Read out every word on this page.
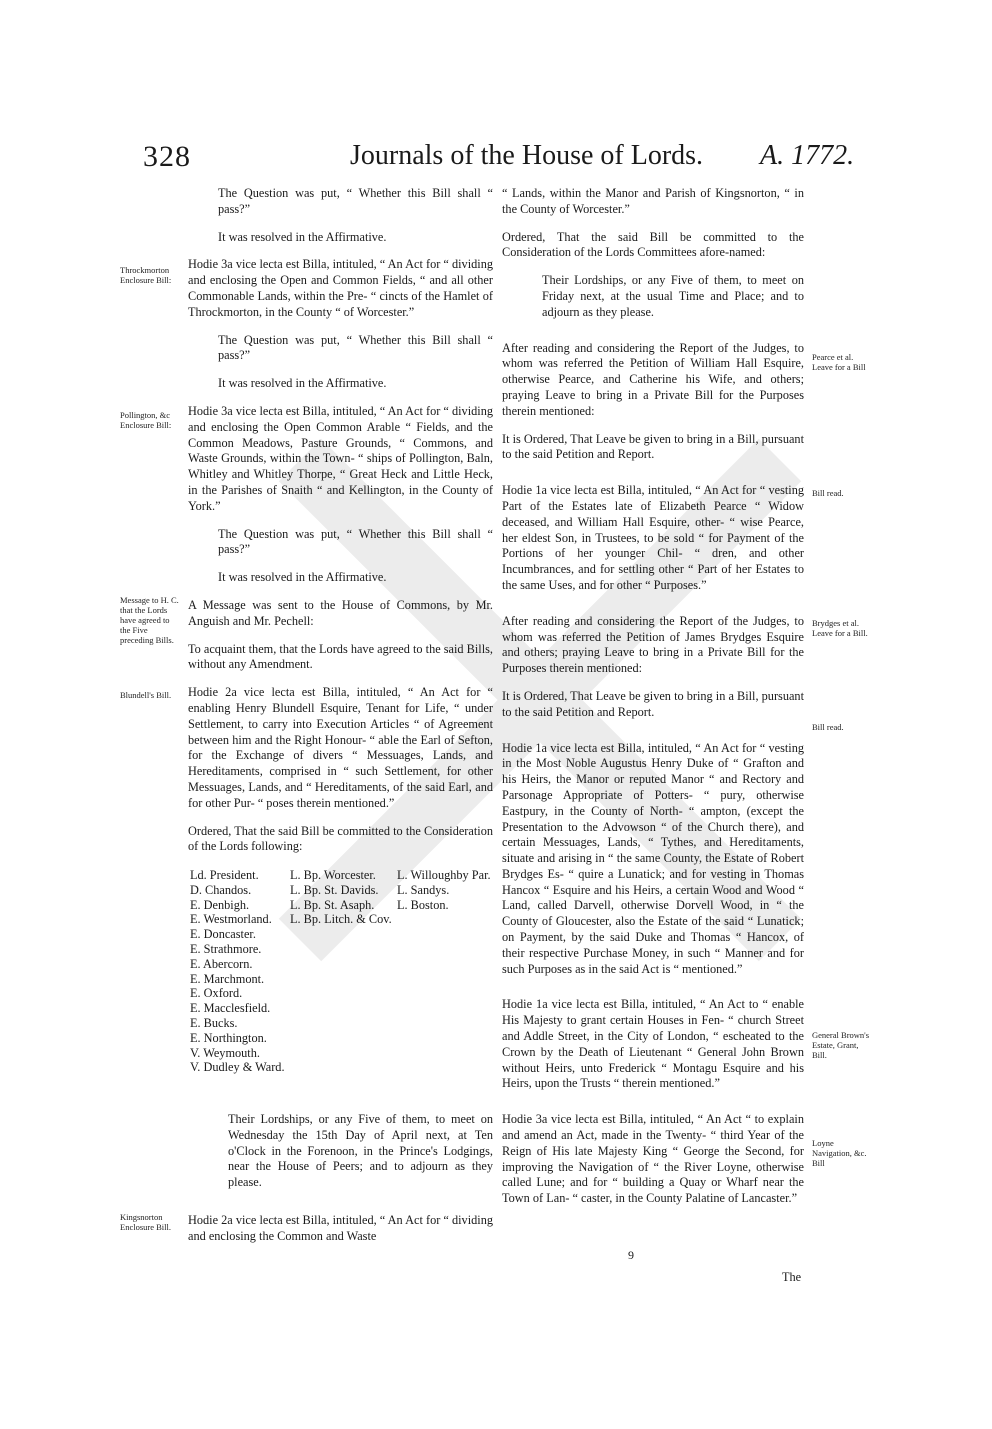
328	Journals of the House of Lords. A. 1772.

The Question was put, “ Whether this Bill shall “ pass?”

It was resolved in the Affirmative.

Hodie 3a vice lecta est Billa, intituled, “ An Act for “ dividing and enclosing the Open and Common Fields, “ and all other Commonable Lands, within the Pre- “ cincts of the Hamlet of Throckmorton, in the County “ of Worcester.”

The Question was put, “ Whether this Bill shall “ pass?”

It was resolved in the Affirmative.

Hodie 3a vice lecta est Billa, intituled, “ An Act for “ dividing and enclosing the Open Common Arable “ Fields, and the Common Meadows, Pasture Grounds, “ Commons, and Waste Grounds, within the Town- “ ships of Pollington, Baln, Whitley and Whitley Thorpe, “ Great Heck and Little Heck, in the Parishes of Snaith “ and Kellington, in the County of York.”

The Question was put, “ Whether this Bill shall “ pass?”

It was resolved in the Affirmative.

A Message was sent to the House of Commons, by Mr. Anguish and Mr. Pechell:

To acquaint them, that the Lords have agreed to the said Bills, without any Amendment.

Hodie 2a vice lecta est Billa, intituled, “ An Act for “ enabling Henry Blundell Esquire, Tenant for Life, “ under Settlement, to carry into Execution Articles “ of Agreement between him and the Right Honour- “ able the Earl of Sefton, for the Exchange of divers “ Messuages, Lands, and Hereditaments, comprised in “ such Settlement, for other Messuages, Lands, and “ Hereditaments, of the said Earl, and for other Pur- “ poses therein mentioned.”

Ordered, That the said Bill be committed to the Consideration of the Lords following:

Ld. President.
D. Chandos.
E. Denbigh.
E. Westmorland.
E. Doncaster.
E. Strathmore.
E. Abercorn.
E. Marchmont.
E. Oxford.
E. Macclesfield.
E. Bucks.
E. Northington.
V. Weymouth.
V. Dudley & Ward.
L. Bp. Worcester.
L. Bp. St. Davids.
L. Bp. St. Asaph.
L. Bp. Litch. & Cov.
L. Willoughby Par.
L. Sandys.
L. Boston.

Their Lordships, or any Five of them, to meet on Wednesday the 15th Day of April next, at Ten o'Clock in the Forenoon, in the Prince's Lodgings, near the House of Peers; and to adjourn as they please.

Hodie 2a vice lecta est Billa, intituled, “ An Act for “ dividing and enclosing the Common and Waste

“ Lands, within the Manor and Parish of Kingsnorton, “ in the County of Worcester.”

Ordered, That the said Bill be committed to the Consideration of the Lords Committees afore-named:

Their Lordships, or any Five of them, to meet on Friday next, at the usual Time and Place; and to adjourn as they please.

After reading and considering the Report of the Judges, to whom was referred the Petition of William Hall Esquire, otherwise Pearce, and Catherine his Wife, and others; praying Leave to bring in a Private Bill for the Purposes therein mentioned:

It is Ordered, That Leave be given to bring in a Bill, pursuant to the said Petition and Report.

Hodie 1a vice lecta est Billa, intituled, “ An Act for “ vesting Part of the Estates late of Elizabeth Pearce “ Widow deceased, and William Hall Esquire, other- “ wise Pearce, her eldest Son, in Trustees, to be sold “ for Payment of the Portions of her younger Chil- “ dren, and other Incumbrances, and for settling other “ Part of her Estates to the same Uses, and for other “ Purposes.”

After reading and considering the Report of the Judges, to whom was referred the Petition of James Brydges Esquire and others; praying Leave to bring in a Private Bill for the Purposes therein mentioned:

It is Ordered, That Leave be given to bring in a Bill, pursuant to the said Petition and Report.

Hodie 1a vice lecta est Billa, intituled, “ An Act for “ vesting in the Most Noble Augustus Henry Duke of “ Grafton and his Heirs, the Manor or reputed Manor “ and Rectory and Parsonage Appropriate of Potters- “ pury, otherwise Eastpury, in the County of North- “ ampton, (except the Presentation to the Advowson “ of the Church there), and certain Messuages, Lands, “ Tythes, and Hereditaments, situate and arising in “ the same County, the Estate of Robert Brydges Es- “ quire a Lunatick; and for vesting in Thomas Hancox “ Esquire and his Heirs, a certain Wood and Wood “ Land, called Darvell, otherwise Dorvell Wood, in “ the County of Gloucester, also the Estate of the said “ Lunatick; on Payment, by the said Duke and Thomas “ Hancox, of their respective Purchase Money, in such “ Manner and for such Purposes as in the said Act is “ mentioned.”

Hodie 1a vice lecta est Billa, intituled, “ An Act to “ enable His Majesty to grant certain Houses in Fen- “ church Street and Addle Street, in the City of London, “ escheated to the Crown by the Death of Lieutenant “ General John Brown without Heirs, unto Frederick “ Montagu Esquire and his Heirs, upon the Trusts “ therein mentioned.”

Hodie 3a vice lecta est Billa, intituled, “ An Act “ to explain and amend an Act, made in the Twenty- “ third Year of the Reign of His late Majesty King “ George the Second, for improving the Navigation of “ the River Loyne, otherwise called Lune; and for “ building a Quay or Wharf near the Town of Lan- “ caster, in the County Palatine of Lancaster.”

Throckmorton Enclosure Bill:
Pollington, &c Enclosure Bill:
Message to H. C. that the Lords have agreed to the Five preceding Bills.
Blundell's Bill.
Kingsnorton Enclosure Bill.
Pearce et al. Leave for a Bill
Bill read.
Brydges et al. Leave for a Bill.
Bill read.
General Brown's Estate, Grant, Bill.
Loyne Navigation, &c. Bill
9
The
